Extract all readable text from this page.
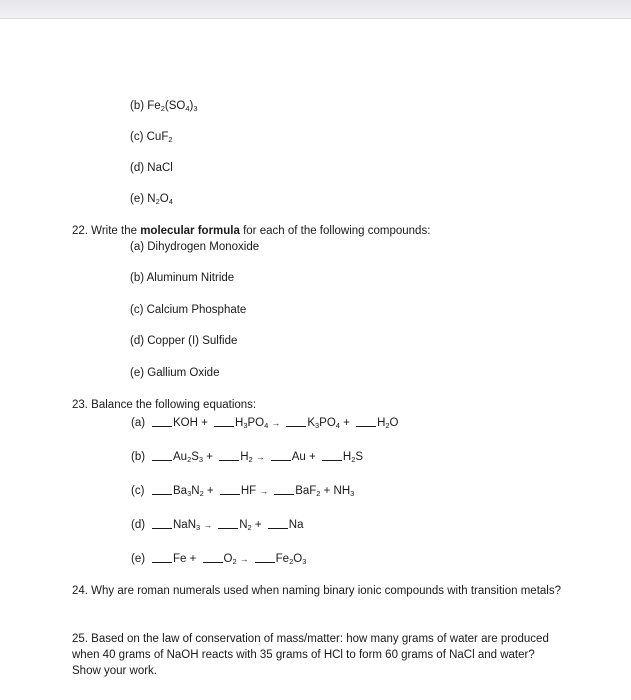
(b) $Fe_2(SO_4)_3$
(c) CuF$_2$
(d) NaCl
(e) $N_2O_4$
22. Write the molecular formula for each of the following compounds:
(a) Dihydrogen Monoxide
(b) Aluminum Nitride
(c) Calcium Phosphate
(d) Copper (I) Sulfide
(e) Gallium Oxide
23. Balance the following equations:
(a) KOH + $H_3PO_4 \to K_3PO_4 + H_2O$
(b) $Au_2S_3 + H_2 \to Au + H_2S$
(c) $Ba_3N_2$ + HF → $BaF_2 + NH_3$
(d) $NaN_3 \to N_2 + Na$
(e) $Fe + O_2 \to Fe_2O_3$
24. Why are roman numerals used when naming binary ionic compounds with transition metals?
25. Based on the law of conservation of mass/matter: how many grams of water are produced
when 40 grams of NaOH reacts with 35 grams of HCl to form 60 grams of NaCl and water?
Show your work.
